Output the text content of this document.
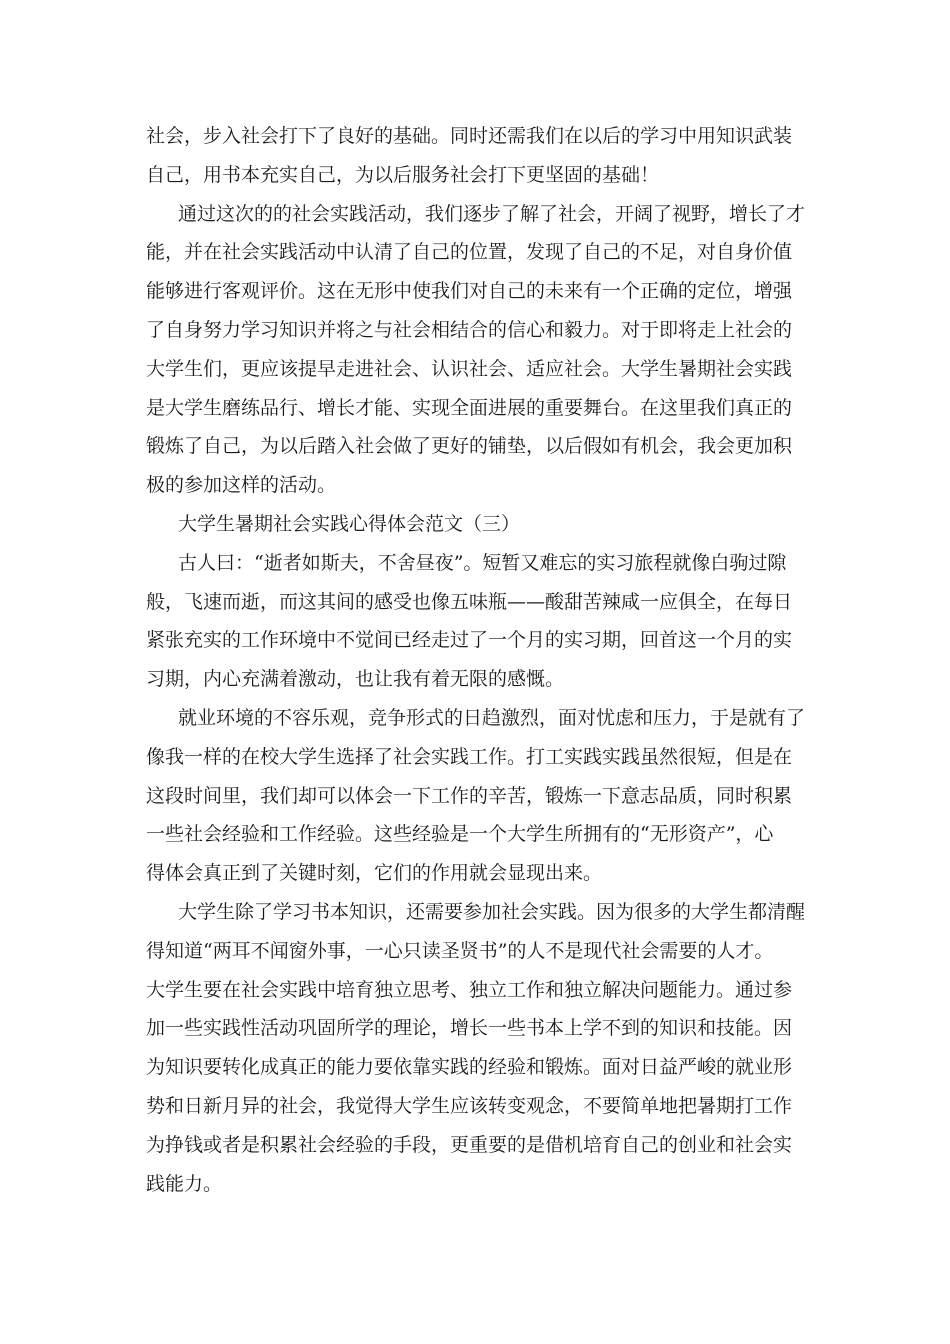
社会，步入社会打下了良好的基础。同时还需我们在以后的学习中用知识武装
自己，用书本充实自己，为以后服务社会打下更坚固的基础！
通过这次的的社会实践活动，我们逐步了解了社会，开阔了视野，增长了才
能，并在社会实践活动中认清了自己的位置，发现了自己的不足，对自身价值
能够进行客观评价。这在无形中使我们对自己的未来有一个正确的定位，增强
了自身努力学习知识并将之与社会相结合的信心和毅力。对于即将走上社会的
大学生们，更应该提早走进社会、认识社会、适应社会。大学生暑期社会实践
是大学生磨练品行、增长才能、实现全面进展的重要舞台。在这里我们真正的
锻炼了自己，为以后踏入社会做了更好的铺垫，以后假如有机会，我会更加积
极的参加这样的活动。
大学生暑期社会实践心得体会范文（三）
古人曰：“逝者如斯夫，不舍昼夜”。短暂又难忘的实习旅程就像白驹过隙
般，飞速而逝，而这其间的感受也像五味瓶——酸甜苦辣咸一应俱全，在每日
紧张充实的工作环境中不觉间已经走过了一个月的实习期，回首这一个月的实
习期，内心充满着激动，也让我有着无限的感慨。
就业环境的不容乐观，竞争形式的日趋激烈，面对忧虑和压力，于是就有了
像我一样的在校大学生选择了社会实践工作。打工实践实践虽然很短，但是在
这段时间里，我们却可以体会一下工作的辛苦，锻炼一下意志品质，同时积累
一些社会经验和工作经验。这些经验是一个大学生所拥有的“无形资产”，心
得体会真正到了关键时刻，它们的作用就会显现出来。
大学生除了学习书本知识，还需要参加社会实践。因为很多的大学生都清醒
得知道“两耳不闻窗外事，一心只读圣贤书”的人不是现代社会需要的人才。
大学生要在社会实践中培育独立思考、独立工作和独立解决问题能力。通过参
加一些实践性活动巩固所学的理论，增长一些书本上学不到的知识和技能。因
为知识要转化成真正的能力要依靠实践的经验和锻炼。面对日益严峻的就业形
势和日新月异的社会，我觉得大学生应该转变观念，不要简单地把暑期打工作
为挣钱或者是积累社会经验的手段，更重要的是借机培育自己的创业和社会实
践能力。
